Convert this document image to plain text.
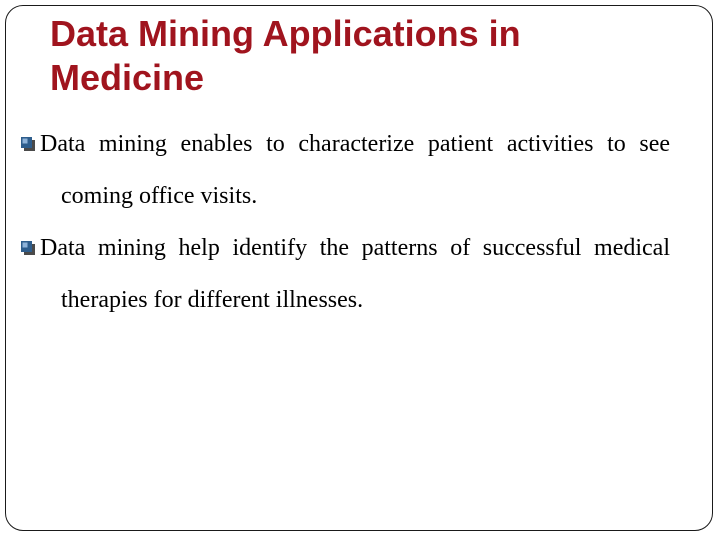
Data Mining Applications in Medicine

Data mining enables to characterize patient activities to see coming office visits.

Data mining help identify the patterns of successful medical therapies for different illnesses.
